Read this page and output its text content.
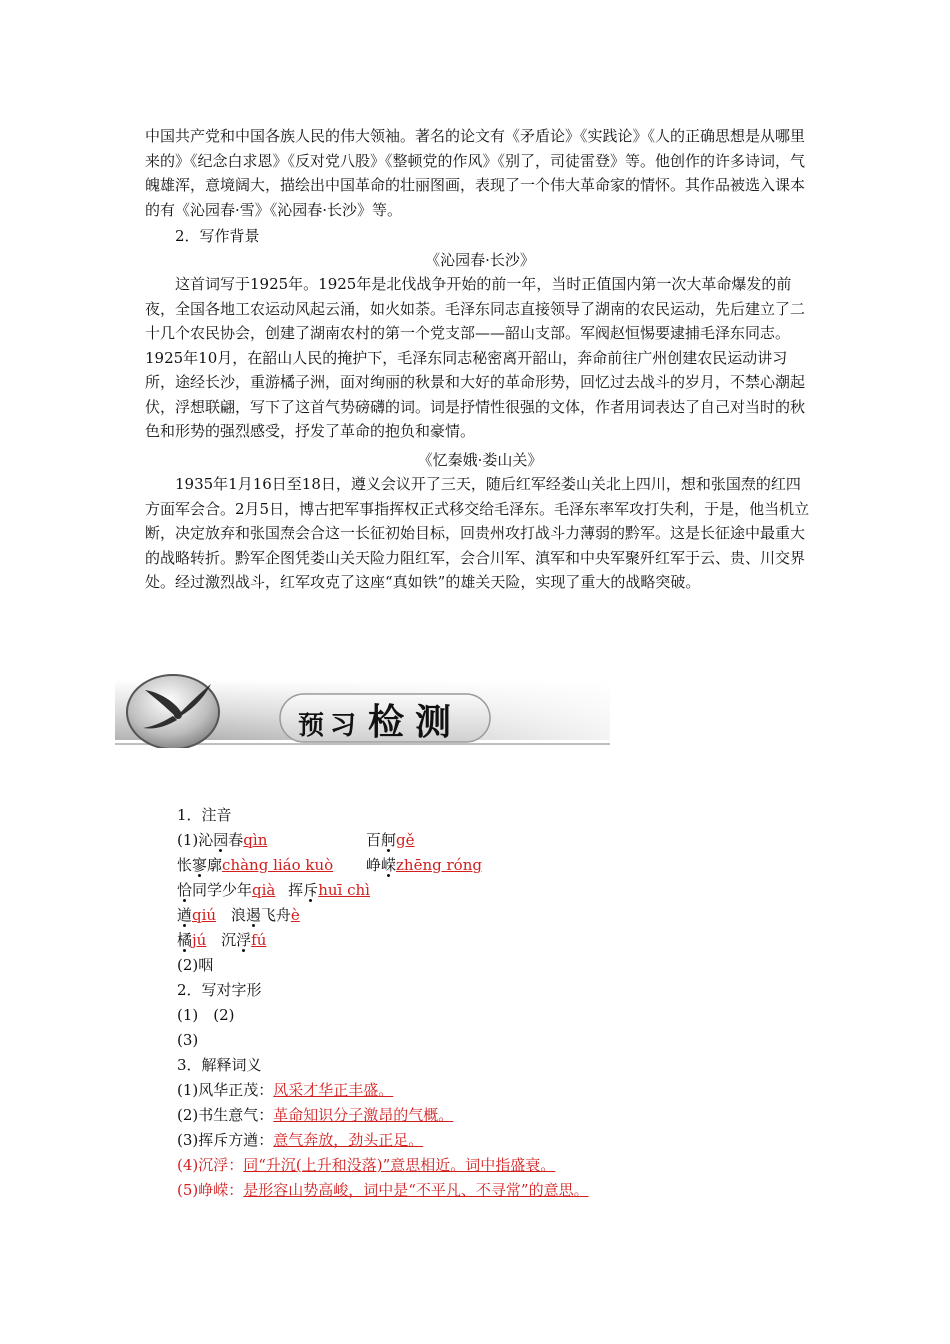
中国共产党和中国各族人民的伟大领袖。著名的论文有《矛盾论》《实践论》《人的正确思想是从哪里来的》《纪念白求恩》《反对党八股》《整顿党的作风》《别了，司徒雷登》等。他创作的许多诗词，气魄雄浑，意境阔大，描绘出中国革命的壮丽图画，表现了一个伟大革命家的情怀。其作品被选入课本的有《沁园春·雪》《沁园春·长沙》等。

2．写作背景

《沁园春·长沙》

这首词写于1925年。1925年是北伐战争开始的前一年，当时正值国内第一次大革命爆发的前夜，全国各地工农运动风起云涌，如火如荼。毛泽东同志直接领导了湖南的农民运动，先后建立了二十几个农民协会，创建了湖南农村的第一个党支部——韶山支部。军阀赵恒惕要逮捕毛泽东同志。1925年10月，在韶山人民的掩护下，毛泽东同志秘密离开韶山，奔命前往广州创建农民运动讲习所，途经长沙，重游橘子洲，面对绚丽的秋景和大好的革命形势，回忆过去战斗的岁月，不禁心潮起伏，浮想联翩，写下了这首气势磅礴的词。词是抒情性很强的文体，作者用词表达了自己对当时的秋色和形势的强烈感受，抒发了革命的抱负和豪情。

《忆秦娥·娄山关》

1935年1月16日至18日，遵义会议开了三天，随后红军经娄山关北上四川，想和张国焘的红四方面军会合。2月5日，博古把军事指挥权正式移交给毛泽东。毛泽东率军攻打失利，于是，他当机立断，决定放弃和张国焘会合这一长征初始目标，回贵州攻打战斗力薄弱的黔军。这是长征途中最重大的战略转折。黔军企图凭娄山关天险力阻红军，会合川军、滇军和中央军聚歼红军于云、贵、川交界处。经过激烈战斗，红军攻克了这座“真如铁”的雄关天险，实现了重大的战略突破。

预 习 检 测
1．注音
(1)沁园春qìn	百舸gě
怅寥廓chàng liáo kuò 峥嵘zhēng róng
恰同学少年qià 挥斥huī chì
遒qiú 浪遏飞舟è
橘jú 沉浮fú
(2)咽
2．写对字形
(1)　(2)
(3)
3．解释词义
(1)风华正茂：风采才华正丰盛。
(2)书生意气：革命知识分子激昂的气概。
(3)挥斥方遒：意气奔放，劲头正足。
(4)沉浮：同“升沉(上升和没落)”意思相近。词中指盛衰。
(5)峥嵘：是形容山势高峻，词中是“不平凡、不寻常”的意思。
